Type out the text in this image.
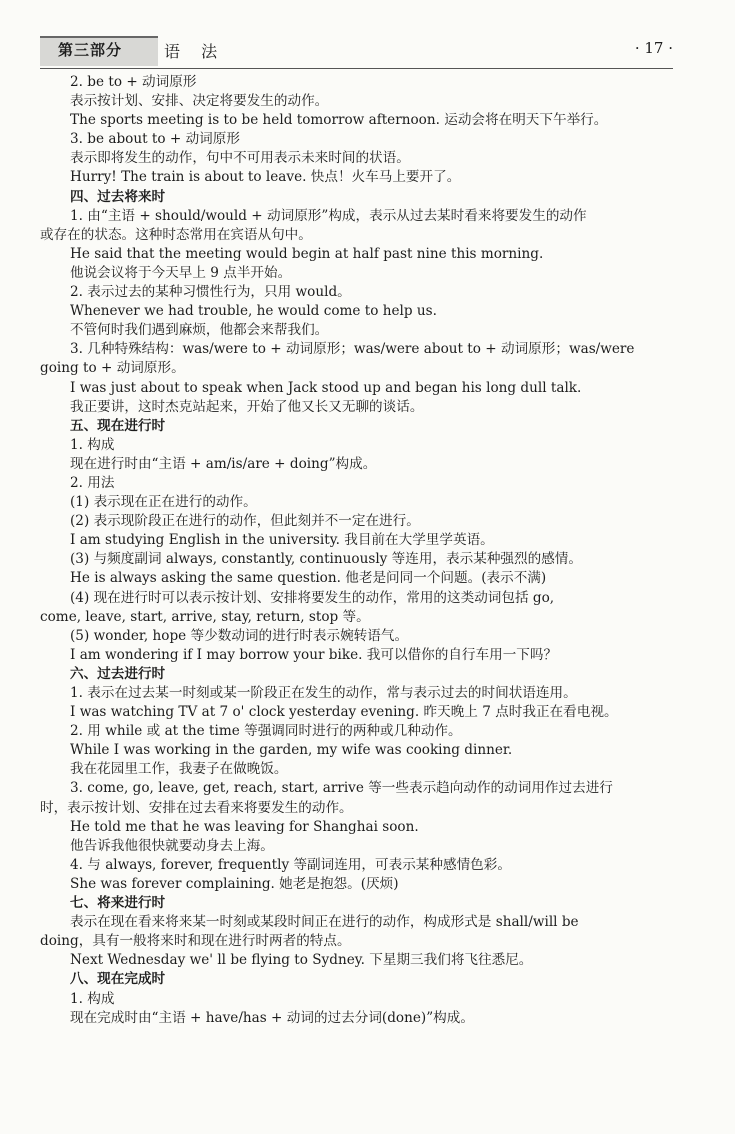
第三部分	语 法	· 17 ·
2. be to + 动词原形
表示按计划、安排、决定将要发生的动作。
The sports meeting is to be held tomorrow afternoon. 运动会将在明天下午举行。
3. be about to + 动词原形
表示即将发生的动作，句中不可用表示未来时间的状语。
Hurry! The train is about to leave. 快点！火车马上要开了。
四、过去将来时
1. 由“主语 + should/would + 动词原形”构成，表示从过去某时看来将要发生的动作
或存在的状态。这种时态常用在宾语从句中。
He said that the meeting would begin at half past nine this morning.
他说会议将于今天早上 9 点半开始。
2. 表示过去的某种习惯性行为，只用 would。
Whenever we had trouble, he would come to help us.
不管何时我们遇到麻烦，他都会来帮我们。
3. 几种特殊结构：was/were to + 动词原形；was/were about to + 动词原形；was/were
going to + 动词原形。
I was just about to speak when Jack stood up and began his long dull talk.
我正要讲，这时杰克站起来，开始了他又长又无聊的谈话。
五、现在进行时
1. 构成
现在进行时由“主语 + am/is/are + doing”构成。
2. 用法
(1) 表示现在正在进行的动作。
(2) 表示现阶段正在进行的动作，但此刻并不一定在进行。
I am studying English in the university. 我目前在大学里学英语。
(3) 与频度副词 always, constantly, continuously 等连用，表示某种强烈的感情。
He is always asking the same question. 他老是问同一个问题。(表示不满)
(4) 现在进行时可以表示按计划、安排将要发生的动作，常用的这类动词包括 go,
come, leave, start, arrive, stay, return, stop 等。
(5) wonder, hope 等少数动词的进行时表示婉转语气。
I am wondering if I may borrow your bike. 我可以借你的自行车用一下吗？
六、过去进行时
1. 表示在过去某一时刻或某一阶段正在发生的动作，常与表示过去的时间状语连用。
I was watching TV at 7 o' clock yesterday evening. 昨天晚上 7 点时我正在看电视。
2. 用 while 或 at the time 等强调同时进行的两种或几种动作。
While I was working in the garden, my wife was cooking dinner.
我在花园里工作，我妻子在做晚饭。
3. come, go, leave, get, reach, start, arrive 等一些表示趋向动作的动词用作过去进行
时，表示按计划、安排在过去看来将要发生的动作。
He told me that he was leaving for Shanghai soon.
他告诉我他很快就要动身去上海。
4. 与 always, forever, frequently 等副词连用，可表示某种感情色彩。
She was forever complaining. 她老是抱怨。(厌烦)
七、将来进行时
表示在现在看来将来某一时刻或某段时间正在进行的动作，构成形式是 shall/will be
doing，具有一般将来时和现在进行时两者的特点。
Next Wednesday we' ll be flying to Sydney. 下星期三我们将飞往悉尼。
八、现在完成时
1. 构成
现在完成时由“主语 + have/has + 动词的过去分词(done)”构成。
